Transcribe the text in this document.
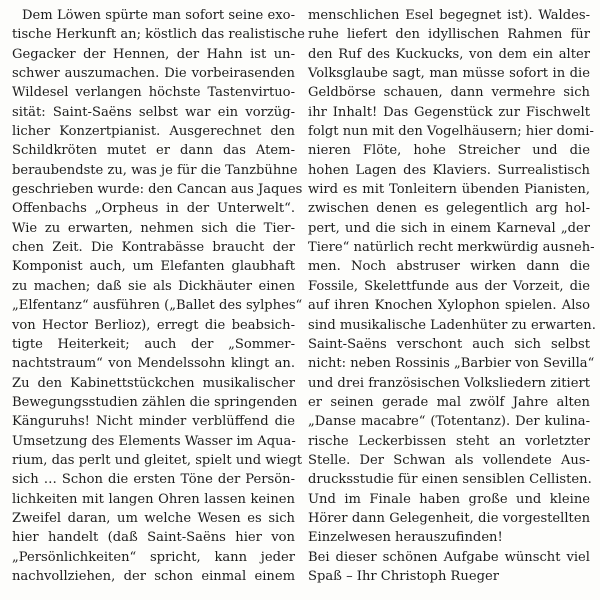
Dem Löwen spürte man sofort seine exo-
tische Herkunft an; köstlich das realistische
Gegacker der Hennen, der Hahn ist un-
schwer auszumachen. Die vorbeirasenden
Wildesel verlangen höchste Tastenvirtuo-
sität: Saint-Saëns selbst war ein vorzüg-
licher Konzertpianist. Ausgerechnet den
Schildkröten mutet er dann das Atem-
beraubendste zu, was je für die Tanzbühne
geschrieben wurde: den Cancan aus Jaques
Offenbachs „Orpheus in der Unterwelt“.
Wie zu erwarten, nehmen sich die Tier-
chen Zeit. Die Kontrabässe braucht der
Komponist auch, um Elefanten glaubhaft
zu machen; daß sie als Dickhäuter einen
„Elfentanz“ ausführen („Ballet des sylphes“
von Hector Berlioz), erregt die beabsich-
tigte Heiterkeit; auch der „Sommer-
nachtstraum“ von Mendelssohn klingt an.
Zu den Kabinettstückchen musikalischer
Bewegungsstudien zählen die springenden
Känguruhs! Nicht minder verblüffend die
Umsetzung des Elements Wasser im Aqua-
rium, das perlt und gleitet, spielt und wiegt
sich … Schon die ersten Töne der Persön-
lichkeiten mit langen Ohren lassen keinen
Zweifel daran, um welche Wesen es sich
hier handelt (daß Saint-Saëns hier von
„Persönlichkeiten“ spricht, kann jeder
nachvollziehen, der schon einmal einem
menschlichen Esel begegnet ist). Waldes-
ruhe liefert den idyllischen Rahmen für
den Ruf des Kuckucks, von dem ein alter
Volksglaube sagt, man müsse sofort in die
Geldbörse schauen, dann vermehre sich
ihr Inhalt! Das Gegenstück zur Fischwelt
folgt nun mit den Vogelhäusern; hier domi-
nieren Flöte, hohe Streicher und die
hohen Lagen des Klaviers. Surrealistisch
wird es mit Tonleitern übenden Pianisten,
zwischen denen es gelegentlich arg hol-
pert, und die sich in einem Karneval „der
Tiere“ natürlich recht merkwürdig ausneh-
men. Noch abstruser wirken dann die
Fossile, Skelettfunde aus der Vorzeit, die
auf ihren Knochen Xylophon spielen. Also
sind musikalische Ladenhüter zu erwarten.
Saint-Saëns verschont auch sich selbst
nicht: neben Rossinis „Barbier von Sevilla“
und drei französischen Volksliedern zitiert
er seinen gerade mal zwölf Jahre alten
„Danse macabre“ (Totentanz). Der kulina-
rische Leckerbissen steht an vorletzter
Stelle. Der Schwan als vollendete Aus-
drucksstudie für einen sensiblen Cellisten.
Und im Finale haben große und kleine
Hörer dann Gelegenheit, die vorgestellten
Einzelwesen herauszufinden!
Bei dieser schönen Aufgabe wünscht viel
Spaß – Ihr Christoph Rueger
